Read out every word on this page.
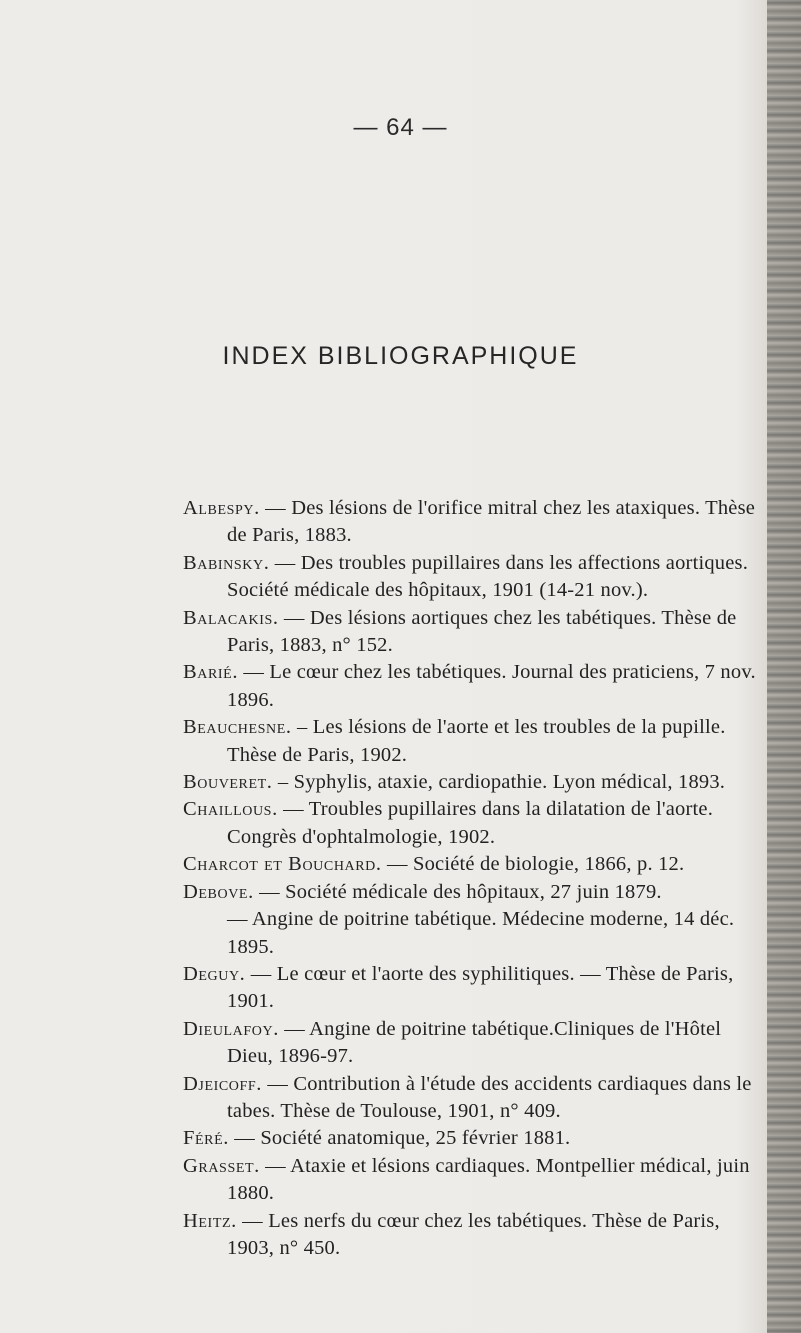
— 64 —
INDEX BIBLIOGRAPHIQUE

Albespy. — Des lésions de l'orifice mitral chez les ataxiques. Thèse de Paris, 1883.

Babinsky. — Des troubles pupillaires dans les affections aortiques. Société médicale des hôpitaux, 1901 (14-21 nov.).

Balacakis. — Des lésions aortiques chez les tabétiques. Thèse de Paris, 1883, n° 152.

Barié. — Le cœur chez les tabétiques. Journal des praticiens, 7 nov. 1896.

Beauchesne. – Les lésions de l'aorte et les troubles de la pupille. Thèse de Paris, 1902.

Bouveret. – Syphylis, ataxie, cardiopathie. Lyon médical, 1893.

Chaillous. — Troubles pupillaires dans la dilatation de l'aorte. Congrès d'ophtalmologie, 1902.

Charcot et Bouchard. — Société de biologie, 1866, p. 12.

Debove. — Société médicale des hôpitaux, 27 juin 1879.

— Angine de poitrine tabétique. Médecine moderne, 14 déc. 1895.

Deguy. — Le cœur et l'aorte des syphilitiques. — Thèse de Paris, 1901.

Dieulafoy. — Angine de poitrine tabétique.Cliniques de l'Hôtel Dieu, 1896-97.

Djeicoff. — Contribution à l'étude des accidents cardiaques dans le tabes. Thèse de Toulouse, 1901, n° 409.

Féré. — Société anatomique, 25 février 1881.

Grasset. — Ataxie et lésions cardiaques. Montpellier médical, juin 1880.

Heitz. — Les nerfs du cœur chez les tabétiques. Thèse de Paris, 1903, n° 450.
